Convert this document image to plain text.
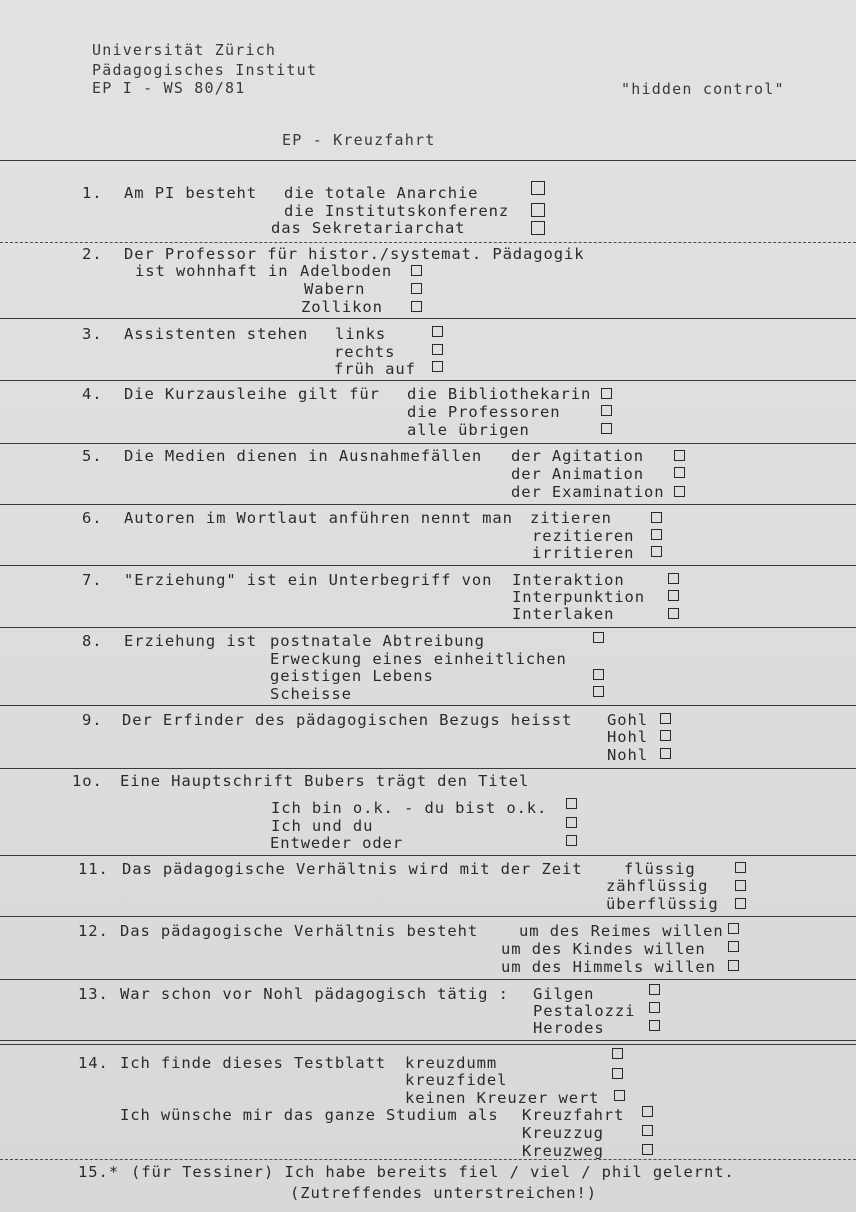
Universität Zürich
Pädagogisches Institut
EP I - WS 80/81	"hidden control"
EP - Kreuzfahrt
1. Am PI besteht die totale Anarchie
die Institutskonferenz
das Sekretariarchat
2. Der Professor für histor./systemat. Pädagogik
ist wohnhaft in Adelboden
Wabern
Zollikon
3. Assistenten stehen links
rechts
früh auf
4. Die Kurzausleihe gilt für die Bibliothekarin
die Professoren
alle übrigen
5. Die Medien dienen in Ausnahmefällen der Agitation
der Animation
der Examination
6. Autoren im Wortlaut anführen nennt man zitieren
rezitieren
irritieren
7. "Erziehung" ist ein Unterbegriff von Interaktion
Interpunktion
Interlaken
8. Erziehung ist postnatale Abtreibung
Erweckung eines einheitlichen
geistigen Lebens
Scheisse
9. Der Erfinder des pädagogischen Bezugs heisst Gohl
Hohl
Nohl
1o. Eine Hauptschrift Bubers trägt den Titel
Ich bin o.k. - du bist o.k.
Ich und du
Entweder oder
11. Das pädagogische Verhältnis wird mit der Zeit	flüssig
zähflüssig
überflüssig
12. Das pädagogische Verhältnis besteht	um des Reimes willen
um des Kindes willen
um des Himmels willen
13. War schon vor Nohl pädagogisch tätig : Gilgen
Pestalozzi
Herodes
14. Ich finde dieses Testblatt kreuzdumm
kreuzfidel
keinen Kreuzer wert
Ich wünsche mir das ganze Studium als Kreuzfahrt
Kreuzzug
Kreuzweg
15.* (für Tessiner) Ich habe bereits fiel / viel / phil gelernt.
(Zutreffendes unterstreichen!)
